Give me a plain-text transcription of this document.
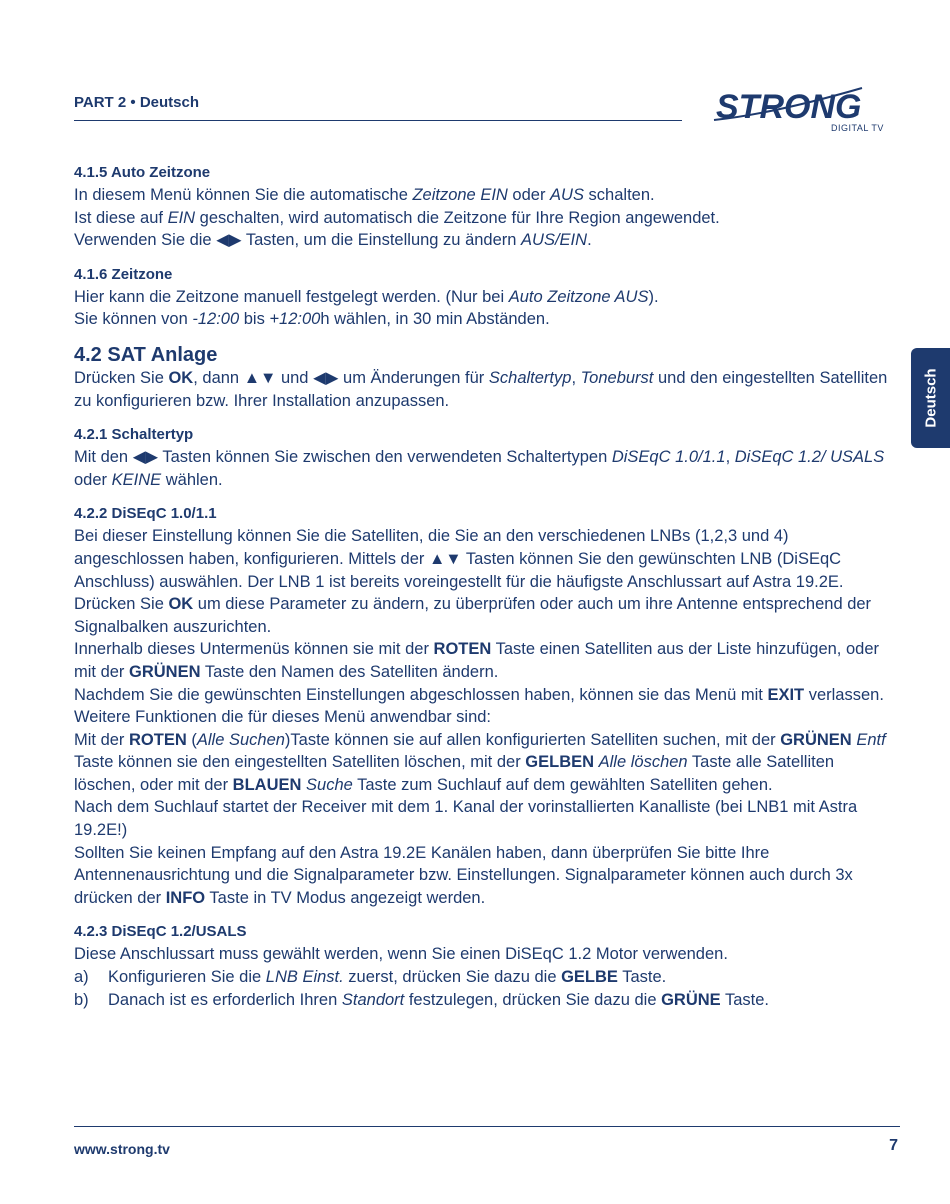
PART 2 • Deutsch	STRONG
DIGITAL TV
Deutsch
4.1.5 Auto Zeitzone

In diesem Menü können Sie die automatische Zeitzone EIN oder AUS schalten.
Ist diese auf EIN geschalten, wird automatisch die Zeitzone für Ihre Region angewendet.
Verwenden Sie die ◀▶ Tasten, um die Einstellung zu ändern AUS/EIN.

4.1.6 Zeitzone

Hier kann die Zeitzone manuell festgelegt werden. (Nur bei Auto Zeitzone AUS).
Sie können von -12:00 bis +12:00h wählen, in 30 min Abständen.

4.2 SAT Anlage

Drücken Sie OK, dann ▲▼ und ◀▶ um Änderungen für Schaltertyp, Toneburst und den eingestellten Satelliten zu konfigurieren bzw. Ihrer Installation anzupassen.

4.2.1 Schaltertyp

Mit den ◀▶ Tasten können Sie zwischen den verwendeten Schaltertypen DiSEqC 1.0/1.1, DiSEqC 1.2/ USALS oder KEINE wählen.

4.2.2 DiSEqC 1.0/1.1

Bei dieser Einstellung können Sie die Satelliten, die Sie an den verschiedenen LNBs (1,2,3 und 4) angeschlossen haben, konfigurieren. Mittels der ▲▼ Tasten können Sie den gewünschten LNB (DiSEqC Anschluss) auswählen. Der LNB 1 ist bereits voreingestellt für die häufigste Anschlussart auf Astra 19.2E. Drücken Sie OK um diese Parameter zu ändern, zu überprüfen oder auch um ihre Antenne entsprechend der Signalbalken auszurichten.

Innerhalb dieses Untermenüs können sie mit der ROTEN Taste einen Satelliten aus der Liste hinzufügen, oder mit der GRÜNEN Taste den Namen des Satelliten ändern.

Nachdem Sie die gewünschten Einstellungen abgeschlossen haben, können sie das Menü mit EXIT verlassen.

Weitere Funktionen die für dieses Menü anwendbar sind:

Mit der ROTEN (Alle Suchen)Taste können sie auf allen konfigurierten Satelliten suchen, mit der GRÜNEN Entf Taste können sie den eingestellten Satelliten löschen, mit der GELBEN Alle löschen Taste alle Satelliten löschen, oder mit der BLAUEN Suche Taste zum Suchlauf auf dem gewählten Satelliten gehen.

Nach dem Suchlauf startet der Receiver mit dem 1. Kanal der vorinstallierten Kanalliste (bei LNB1 mit Astra 19.2E!)

Sollten Sie keinen Empfang auf den Astra 19.2E Kanälen haben, dann überprüfen Sie bitte Ihre Antennenausrichtung und die Signalparameter bzw. Einstellungen. Signalparameter können auch durch 3x drücken der INFO Taste in TV Modus angezeigt werden.

4.2.3 DiSEqC 1.2/USALS

Diese Anschlussart muss gewählt werden, wenn Sie einen DiSEqC 1.2 Motor verwenden.

a) Konfigurieren Sie die LNB Einst. zuerst, drücken Sie dazu die GELBE Taste.
b) Danach ist es erforderlich Ihren Standort festzulegen, drücken Sie dazu die GRÜNE Taste.
www.strong.tv	7
